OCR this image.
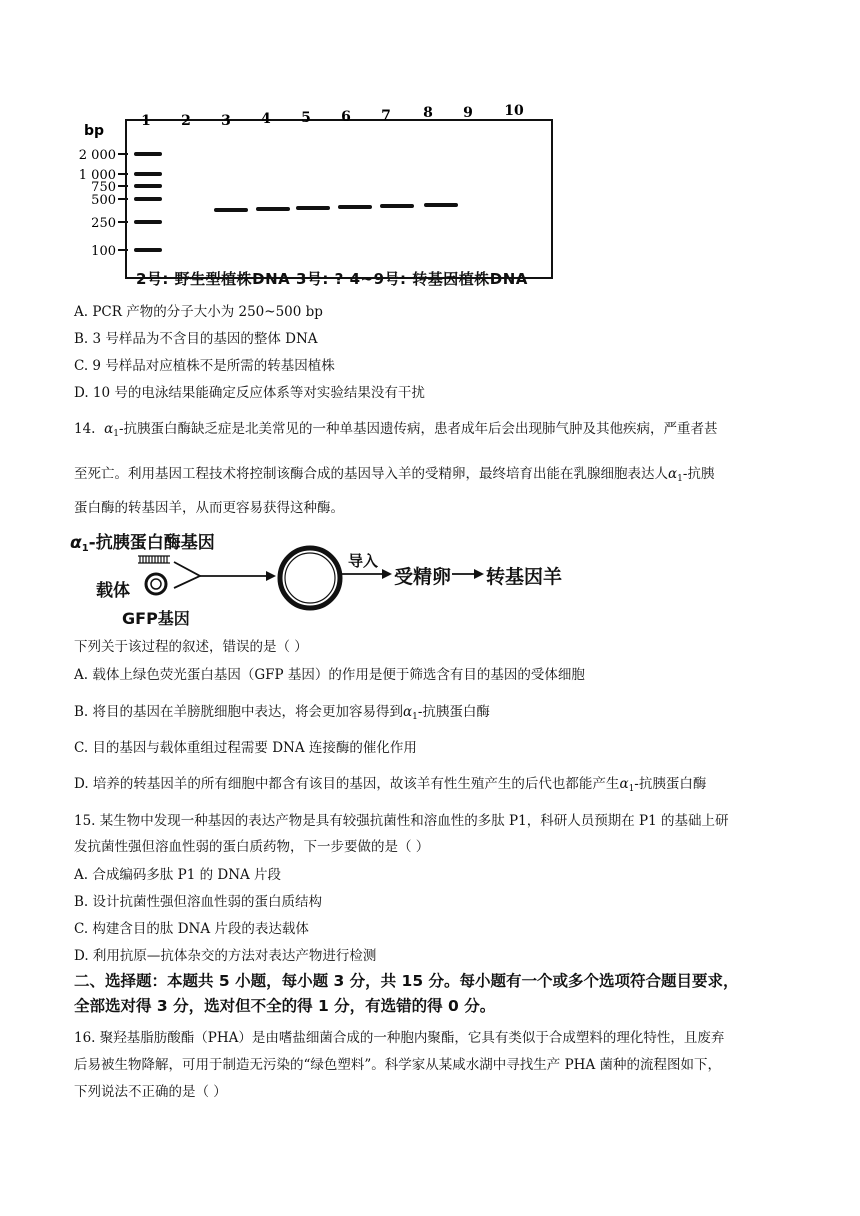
bp
1 2 3 4 5 6 7 8 9 10
2 000
1 000
750
500
250
100
2号: 野生型植株DNA 3号: ? 4~9号: 转基因植株DNA
A. PCR 产物的分子大小为 250~500 bp
B. 3 号样品为不含目的基因的整体 DNA
C. 9 号样品对应植株不是所需的转基因植株
D. 10 号的电泳结果能确定反应体系等对实验结果没有干扰
14. $\alpha_1-$抗胰蛋白酶缺乏症是北美常见的一种单基因遗传病，患者成年后会出现肺气肿及其他疾病，严重者甚
至死亡。利用基因工程技术将控制该酶合成的基因导入羊的受精卵，最终培育出能在乳腺细胞表达人$\alpha_1-$抗胰
蛋白酶的转基因羊，从而更容易获得这种酶。
α1-抗胰蛋白酶基因
载体
GFP基因
导入
受精卵 转基因羊
下列关于该过程的叙述，错误的是（ ）
A. 载体上绿色荧光蛋白基因（GFP 基因）的作用是便于筛选含有目的基因的受体细胞
B. 将目的基因在羊膀胱细胞中表达，将会更加容易得到$\alpha_1-$抗胰蛋白酶
C. 目的基因与载体重组过程需要 DNA 连接酶的催化作用
D. 培养的转基因羊的所有细胞中都含有该目的基因，故该羊有性生殖产生的后代也都能产生$\alpha_1-$抗胰蛋白酶
15. 某生物中发现一种基因的表达产物是具有较强抗菌性和溶血性的多肽 P1，科研人员预期在 P1 的基础上研
发抗菌性强但溶血性弱的蛋白质药物，下一步要做的是（ ）
A. 合成编码多肽 P1 的 DNA 片段
B. 设计抗菌性强但溶血性弱的蛋白质结构
C. 构建含目的肽 DNA 片段的表达载体
D. 利用抗原—抗体杂交的方法对表达产物进行检测
二、选择题：本题共 5 小题，每小题 3 分，共 15 分。每小题有一个或多个选项符合题目要求，
全部选对得 3 分，选对但不全的得 1 分，有选错的得 0 分。
16. 聚羟基脂肪酸酯（PHA）是由嗜盐细菌合成的一种胞内聚酯，它具有类似于合成塑料的理化特性，且废弃
后易被生物降解，可用于制造无污染的“绿色塑料”。科学家从某咸水湖中寻找生产 PHA 菌种的流程图如下，
下列说法不正确的是（ ）
